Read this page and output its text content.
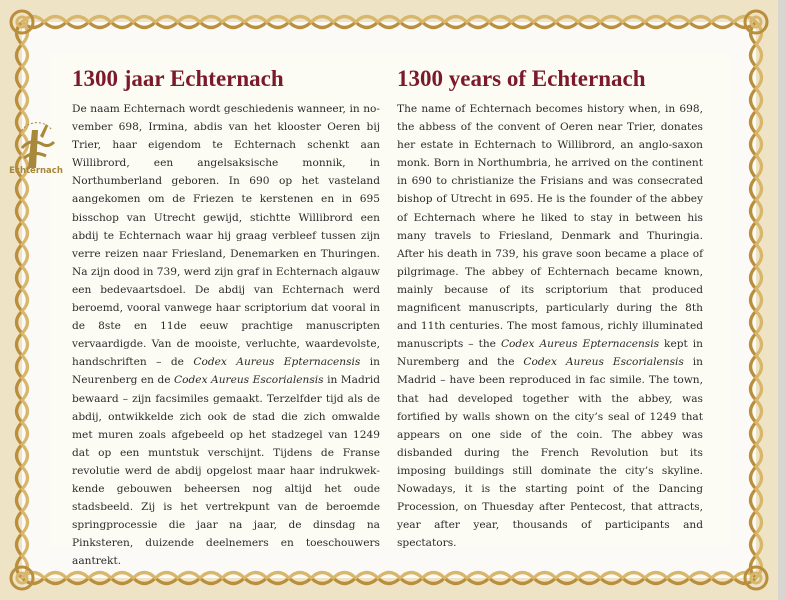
Echternach
1300 jaar Echternach	1300 years of Echternach

De naam Echternach wordt geschiedenis wanneer, in november 698, Irmina, abdis van het klooster Oeren bij Trier, haar eigendom te Echternach schenkt aan Willibrord, een angelsaksische monnik, in Northumberland geboren. In 690 op het vasteland aangekomen om de Friezen te kerstenen en in 695 bisschop van Utrecht gewijd, stichtte Willibrord een abdij te Echternach waar hij graag verbleef tussen zijn verre reizen naar Friesland, Denemarken en Thuringen. Na zijn dood in 739, werd zijn graf in Echternach algauw een bedevaartsdoel. De abdij van Echternach werd beroemd, vooral vanwege haar scriptorium dat vooral in de 8ste en 11de eeuw prachtige manuscripten vervaardigde. Van de mooiste, verluchte, waardevolste, handschriften – de Codex Aureus Epternacensis in Neurenberg en de Codex Aureus Escorialensis in Madrid bewaard – zijn facsimiles gemaakt. Terzelfder tijd als de abdij, ontwikkelde zich ook de stad die zich omwalde met muren zoals afgebeeld op het stadzegel van 1249 dat op een muntstuk verschijnt. Tijdens de Franse revolutie werd de abdij opgelost maar haar indrukwekkende gebouwen beheersen nog altijd het oude stadsbeeld. Zij is het vertrekpunt van de beroemde springprocessie die jaar na jaar, de dinsdag na Pinksteren, duizende deelnemers en toeschouwers aantrekt.

The name of Echternach becomes history when, in 698, the abbess of the convent of Oeren near Trier, donates her estate in Echternach to Willibrord, an anglo-saxon monk. Born in Northumbria, he arrived on the continent in 690 to christianize the Frisians and was consecrated bishop of Utrecht in 695. He is the founder of the abbey of Echternach where he liked to stay in between his many travels to Friesland, Denmark and Thuringia. After his death in 739, his grave soon became a place of pilgrimage. The abbey of Echternach became known, mainly because of its scriptorium that produced magnificent manuscripts, particularly during the 8th and 11th centuries. The most famous, richly illuminated manuscripts – the Codex Aureus Epternacensis kept in Nuremberg and the Codex Aureus Escorialensis in Madrid – have been reproduced in fac simile. The town, that had developed together with the abbey, was fortified by walls shown on the city’s seal of 1249 that appears on one side of the coin. The abbey was disbanded during the French Revolution but its imposing buildings still dominate the city’s skyline. Nowadays, it is the starting point of the Dancing Procession, on Thuesday after Pentecost, that attracts, year after year, thousands of participants and spectators.
